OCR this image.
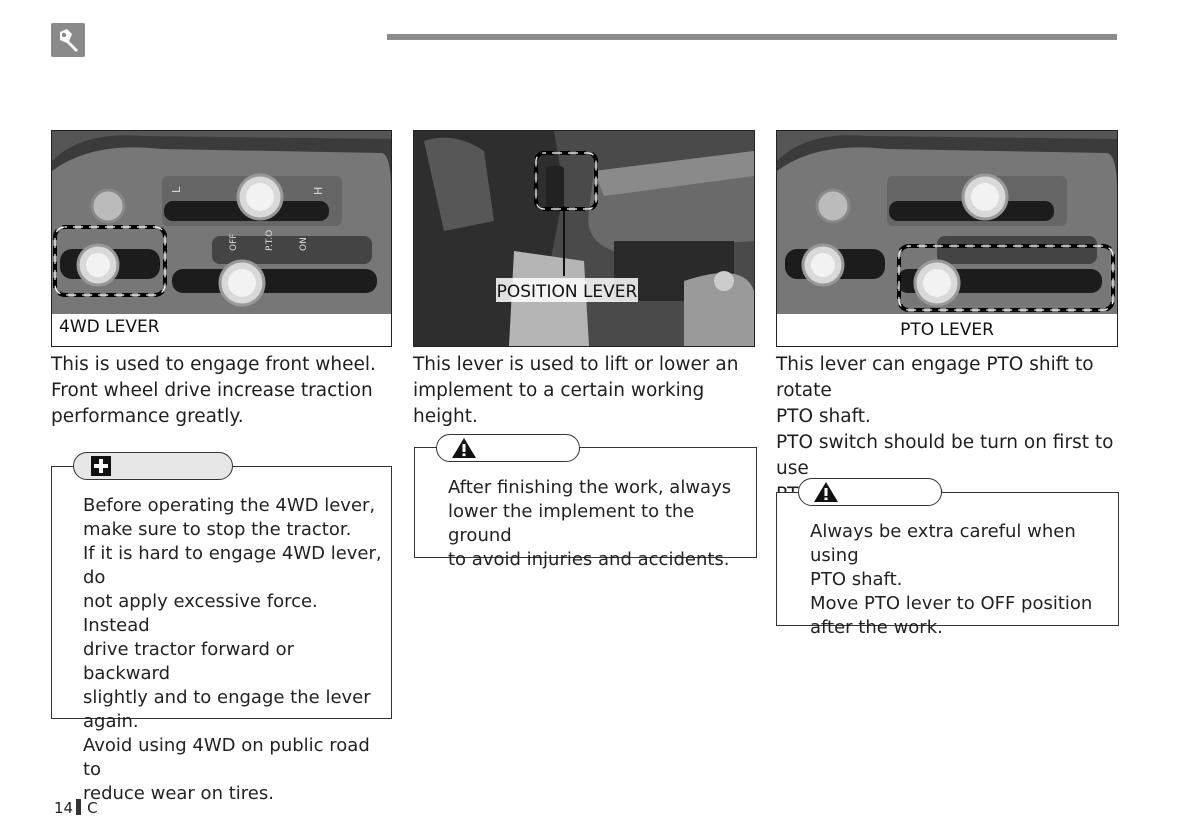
L	H
OFF	P.T.O	ON
4WD LEVER
This is used to engage front wheel.
Front wheel drive increase traction
performance greatly.
Before operating the 4WD lever,
make sure to stop the tractor.
If it is hard to engage 4WD lever, do
not apply excessive force. Instead
drive tractor forward or backward
slightly and to engage the lever
again.
Avoid using 4WD on public road to
reduce wear on tires.
POSITION LEVER
This lever is used to lift or lower an
implement to a certain working height.
After finishing the work, always
lower the implement to the ground
to avoid injuries and accidents.
PTO LEVER
This lever can engage PTO shift to rotate
PTO shaft.
PTO switch should be turn on first to use
Always be extra careful when using
PTO shaft.
Move PTO lever to OFF position
after the work.
14 C
